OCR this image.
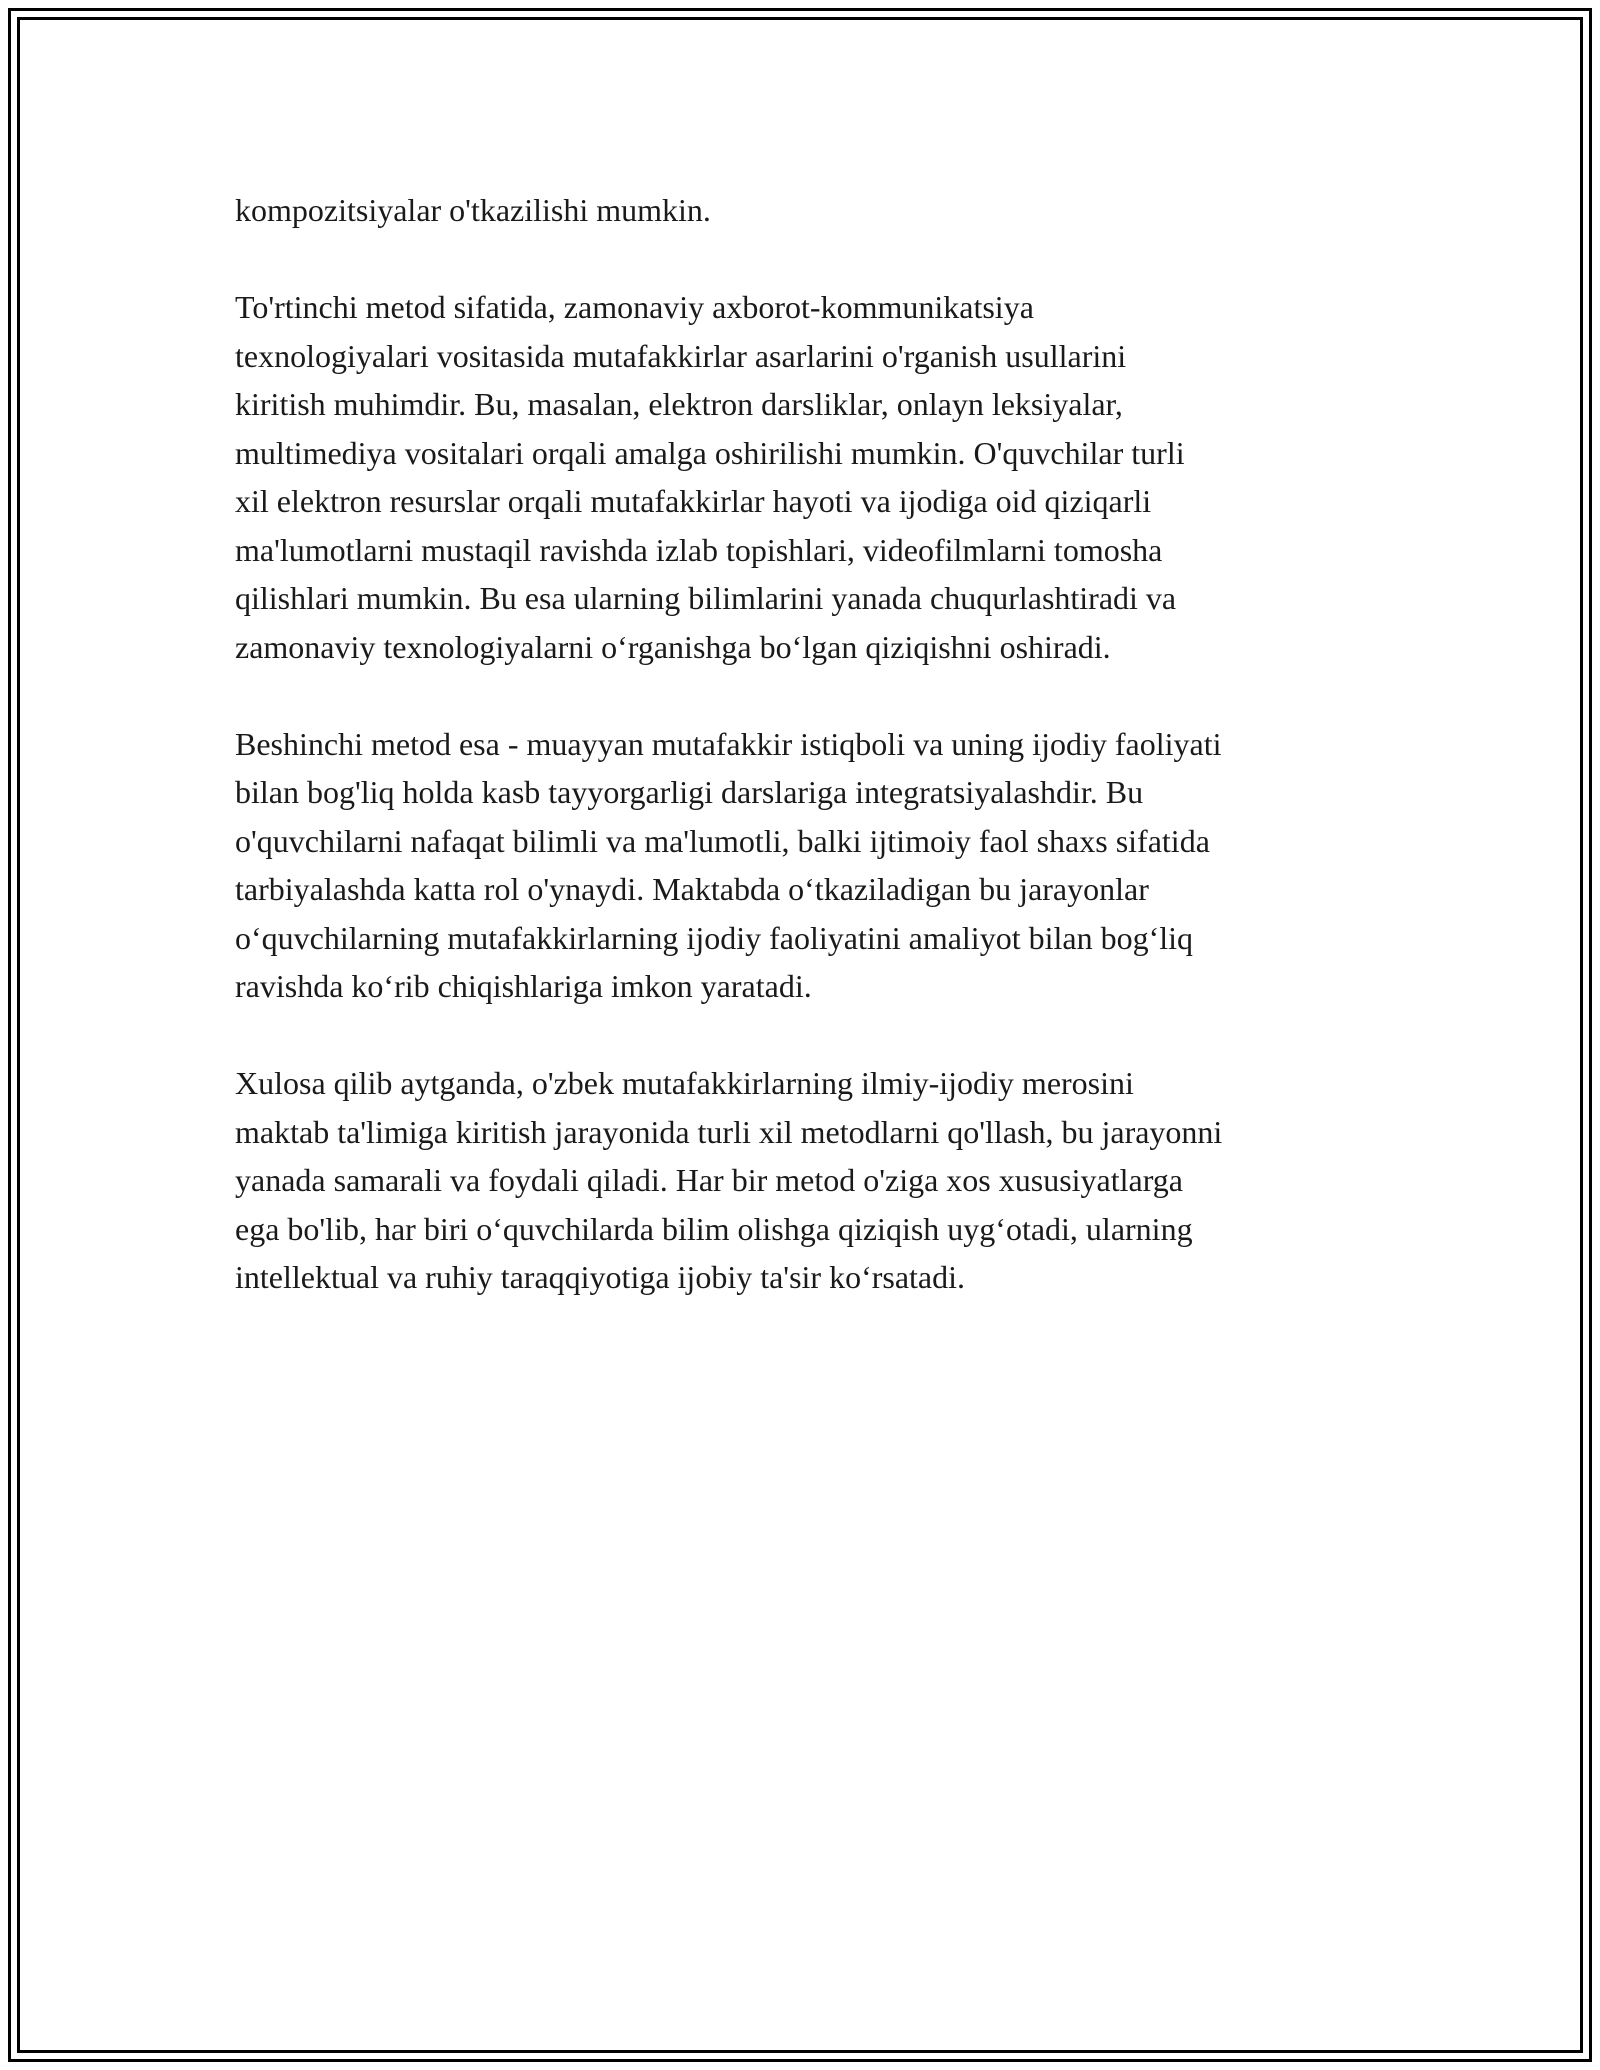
kompozitsiyalar o'tkazilishi mumkin.

To'rtinchi metod sifatida, zamonaviy axborot-kommunikatsiya
texnologiyalari vositasida mutafakkirlar asarlarini o'rganish usullarini
kiritish muhimdir. Bu, masalan, elektron darsliklar, onlayn leksiyalar,
multimediya vositalari orqali amalga oshirilishi mumkin. O'quvchilar turli
xil elektron resurslar orqali mutafakkirlar hayoti va ijodiga oid qiziqarli
ma'lumotlarni mustaqil ravishda izlab topishlari, videofilmlarni tomosha
qilishlari mumkin. Bu esa ularning bilimlarini yanada chuqurlashtiradi va
zamonaviy texnologiyalarni o‘rganishga bo‘lgan qiziqishni oshiradi.

Beshinchi metod esa - muayyan mutafakkir istiqboli va uning ijodiy faoliyati
bilan bog'liq holda kasb tayyorgarligi darslariga integratsiyalashdir. Bu
o'quvchilarni nafaqat bilimli va ma'lumotli, balki ijtimoiy faol shaxs sifatida
tarbiyalashda katta rol o'ynaydi. Maktabda o‘tkaziladigan bu jarayonlar
o‘quvchilarning mutafakkirlarning ijodiy faoliyatini amaliyot bilan bog‘liq
ravishda ko‘rib chiqishlariga imkon yaratadi.

Xulosa qilib aytganda, o'zbek mutafakkirlarning ilmiy-ijodiy merosini
maktab ta'limiga kiritish jarayonida turli xil metodlarni qo'llash, bu jarayonni
yanada samarali va foydali qiladi. Har bir metod o'ziga xos xususiyatlarga
ega bo'lib, har biri o‘quvchilarda bilim olishga qiziqish uyg‘otadi, ularning
intellektual va ruhiy taraqqiyotiga ijobiy ta'sir ko‘rsatadi.
